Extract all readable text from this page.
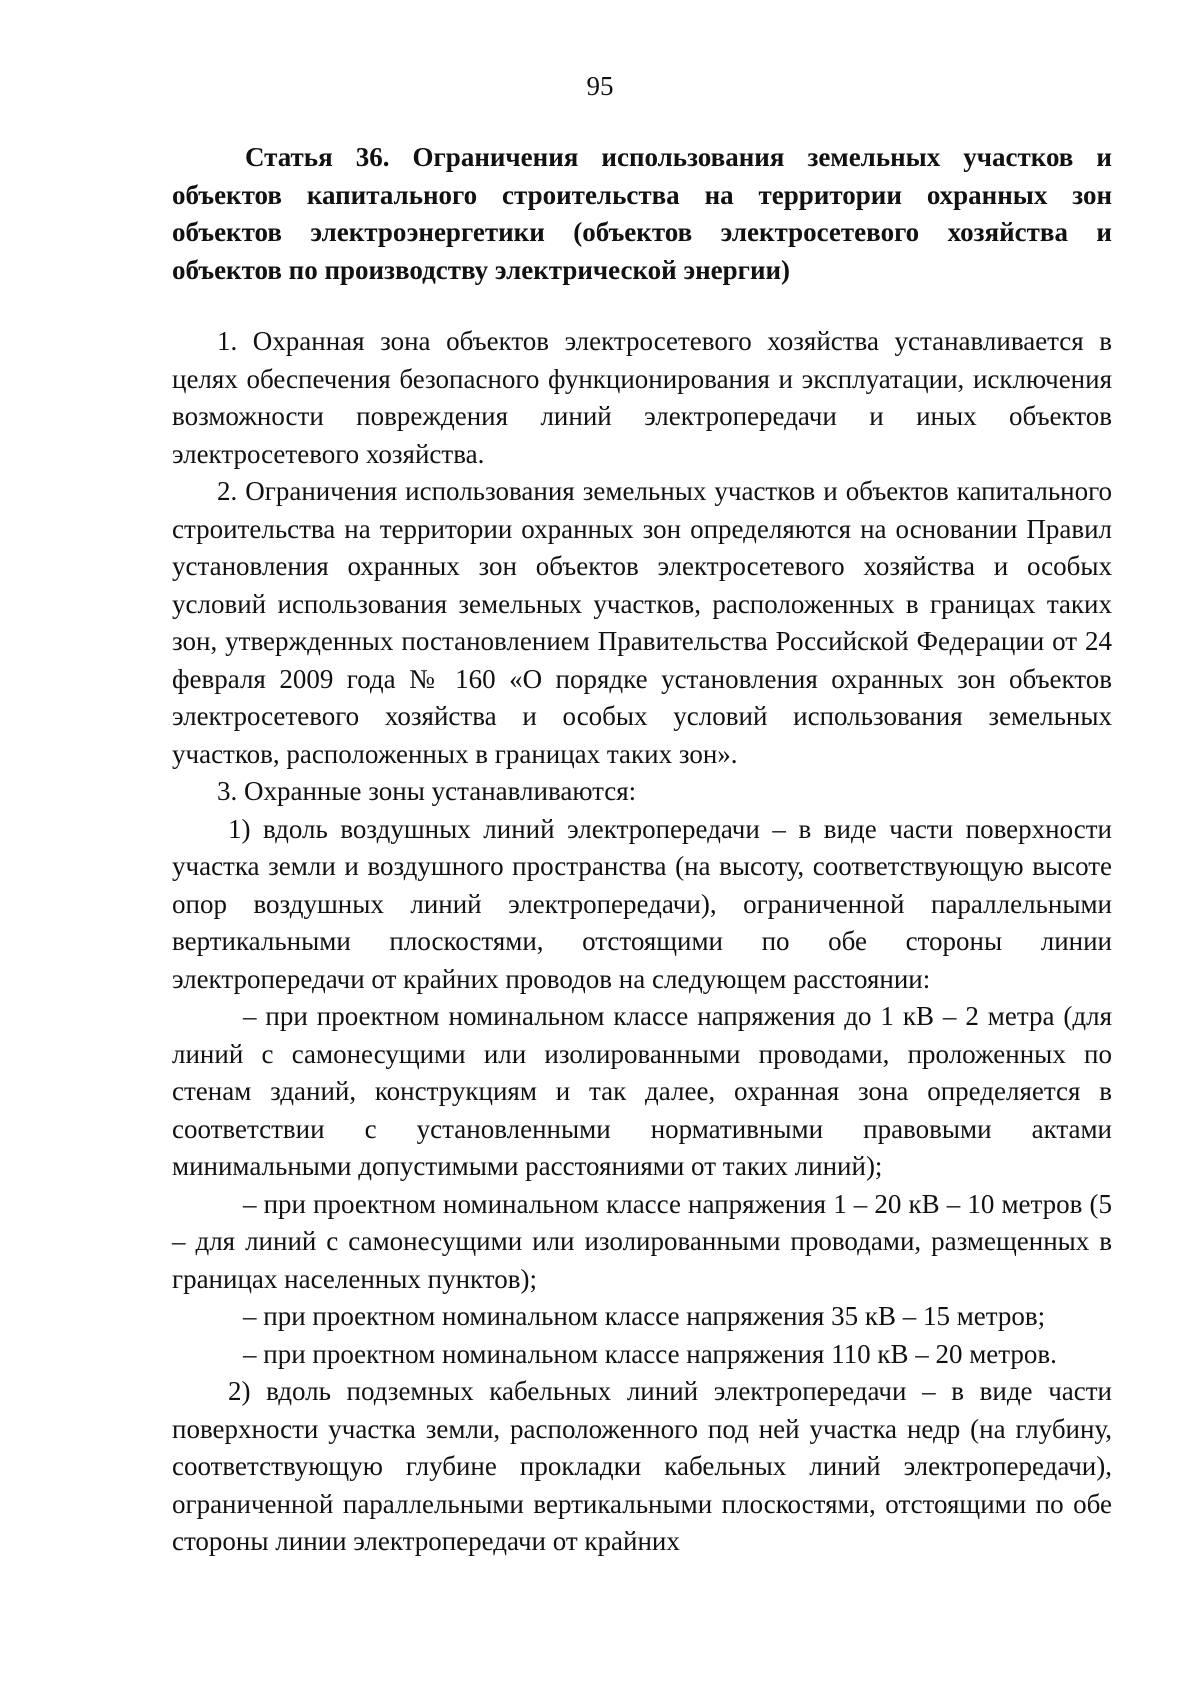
95

Статья 36. Ограничения использования земельных участков и объектов капитального строительства на территории охранных зон объектов электроэнергетики (объектов электросетевого хозяйства и объектов по производству электрической энергии)

1. Охранная зона объектов электросетевого хозяйства устанавливается в целях обеспечения безопасного функционирования и эксплуатации, исключения возможности повреждения линий электропередачи и иных объектов электросетевого хозяйства.

2. Ограничения использования земельных участков и объектов капитального строительства на территории охранных зон определяются на основании Правил установления охранных зон объектов электросетевого хозяйства и особых условий использования земельных участков, расположенных в границах таких зон, утвержденных постановлением Правительства Российской Федерации от 24 февраля 2009 года № 160 «О порядке установления охранных зон объектов электросетевого хозяйства и особых условий использования земельных участков, расположенных в границах таких зон».

3. Охранные зоны устанавливаются:

1) вдоль воздушных линий электропередачи – в виде части поверхности участка земли и воздушного пространства (на высоту, соответствующую высоте опор воздушных линий электропередачи), ограниченной параллельными вертикальными плоскостями, отстоящими по обе стороны линии электропередачи от крайних проводов на следующем расстоянии:

– при проектном номинальном классе напряжения до 1 кВ – 2 метра (для линий с самонесущими или изолированными проводами, проложенных по стенам зданий, конструкциям и так далее, охранная зона определяется в соответствии с установленными нормативными правовыми актами минимальными допустимыми расстояниями от таких линий);

– при проектном номинальном классе напряжения 1 – 20 кВ – 10 метров (5 – для линий с самонесущими или изолированными проводами, размещенных в границах населенных пунктов);

– при проектном номинальном классе напряжения 35 кВ – 15 метров;

– при проектном номинальном классе напряжения 110 кВ – 20 метров.

2) вдоль подземных кабельных линий электропередачи – в виде части поверхности участка земли, расположенного под ней участка недр (на глубину, соответствующую глубине прокладки кабельных линий электропередачи), ограниченной параллельными вертикальными плоскостями, отстоящими по обе стороны линии электропередачи от крайних
